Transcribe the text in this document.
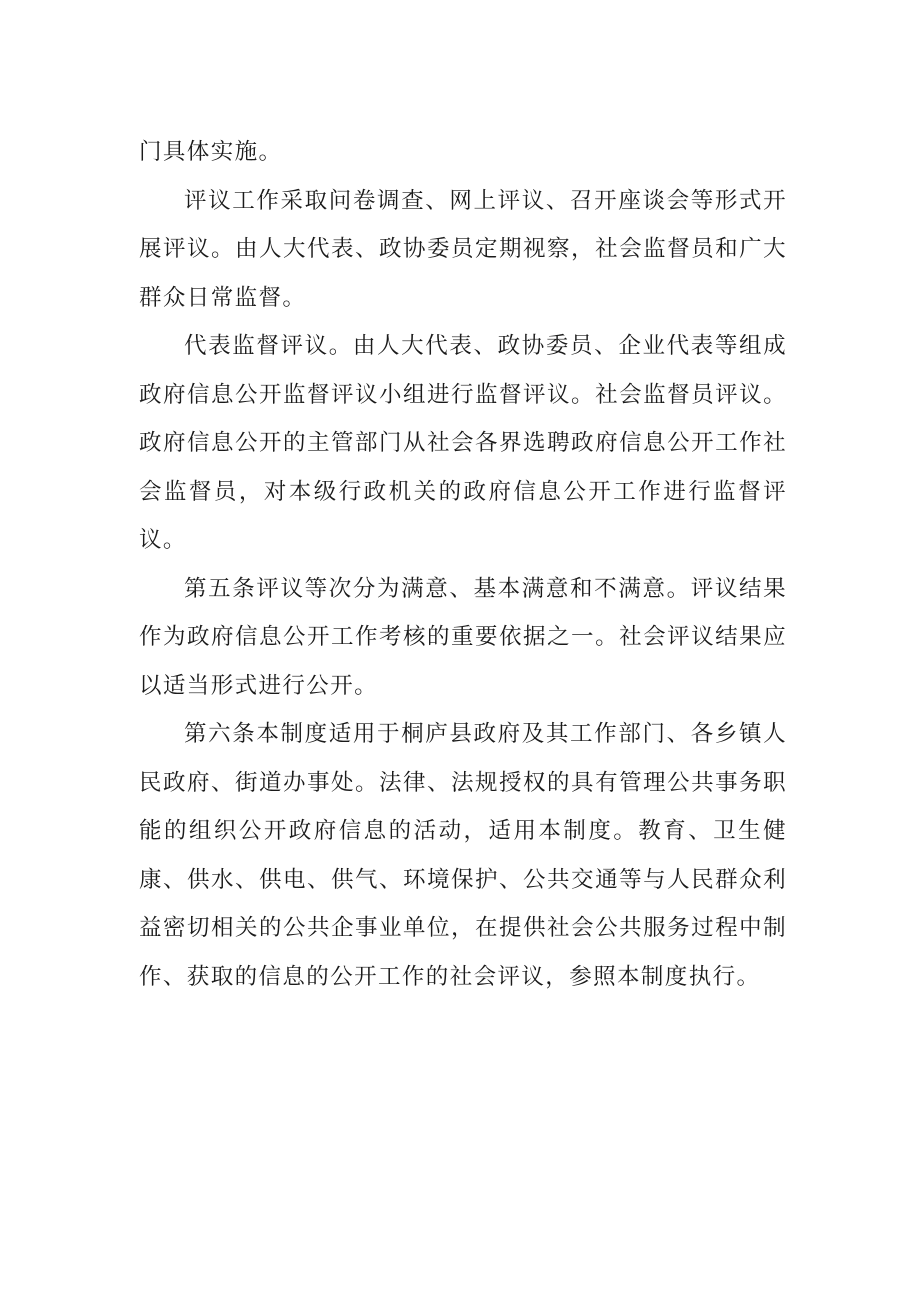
门具体实施。

评议工作采取问卷调查、网上评议、召开座谈会等形式开展评议。由人大代表、政协委员定期视察，社会监督员和广大群众日常监督。

代表监督评议。由人大代表、政协委员、企业代表等组成政府信息公开监督评议小组进行监督评议。社会监督员评议。政府信息公开的主管部门从社会各界选聘政府信息公开工作社会监督员，对本级行政机关的政府信息公开工作进行监督评议。

第五条评议等次分为满意、基本满意和不满意。评议结果作为政府信息公开工作考核的重要依据之一。社会评议结果应以适当形式进行公开。

第六条本制度适用于桐庐县政府及其工作部门、各乡镇人民政府、街道办事处。法律、法规授权的具有管理公共事务职能的组织公开政府信息的活动，适用本制度。教育、卫生健康、供水、供电、供气、环境保护、公共交通等与人民群众利益密切相关的公共企事业单位，在提供社会公共服务过程中制作、获取的信息的公开工作的社会评议，参照本制度执行。
